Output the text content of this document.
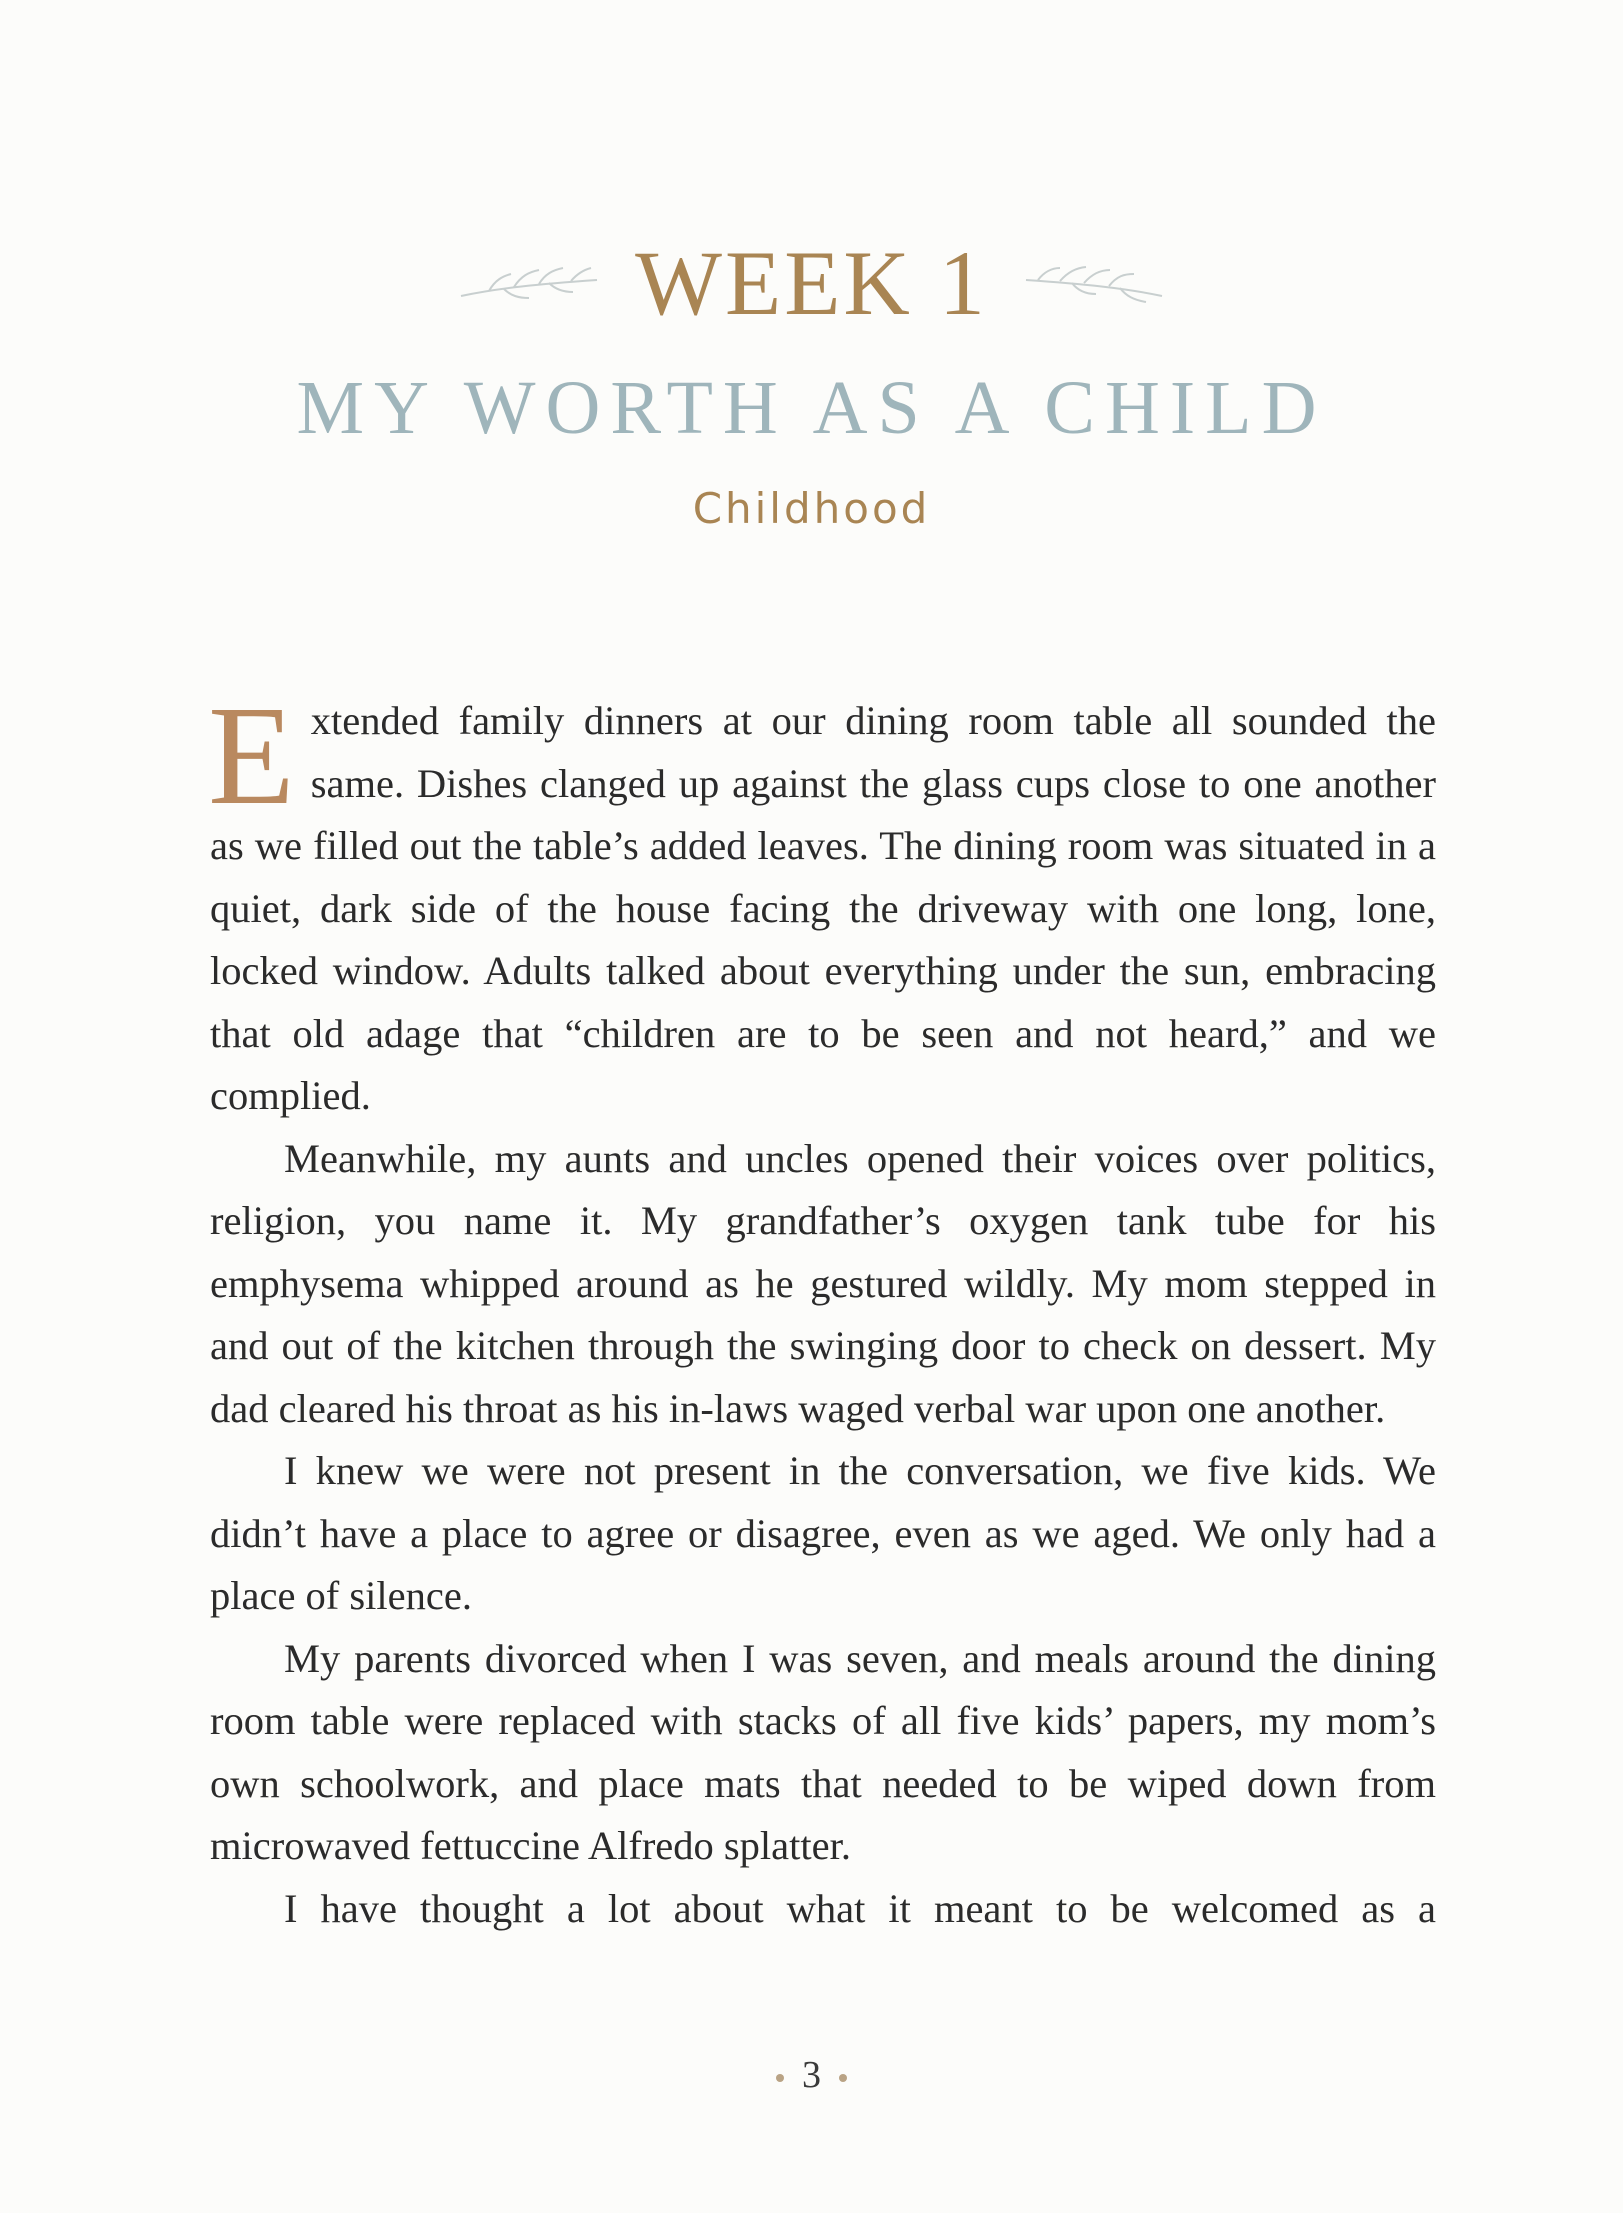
WEEK 1
MY WORTH AS A CHILD
Childhood

Extended family dinners at our dining room table all sounded the same. Dishes clanged up against the glass cups close to one another as we filled out the table’s added leaves. The dining room was situated in a quiet, dark side of the house facing the driveway with one long, lone, locked window. Adults talked about everything under the sun, embracing that old adage that “children are to be seen and not heard,” and we complied.

Meanwhile, my aunts and uncles opened their voices over politics, religion, you name it. My grandfather’s oxygen tank tube for his emphysema whipped around as he gestured wildly. My mom stepped in and out of the kitchen through the swinging door to check on dessert. My dad cleared his throat as his in-laws waged verbal war upon one another.

I knew we were not present in the conversation, we five kids. We didn’t have a place to agree or disagree, even as we aged. We only had a place of silence.

My parents divorced when I was seven, and meals around the dining room table were replaced with stacks of all five kids’ papers, my mom’s own schoolwork, and place mats that needed to be wiped down from microwaved fettuccine Alfredo splatter.

I have thought a lot about what it meant to be welcomed as a

3
